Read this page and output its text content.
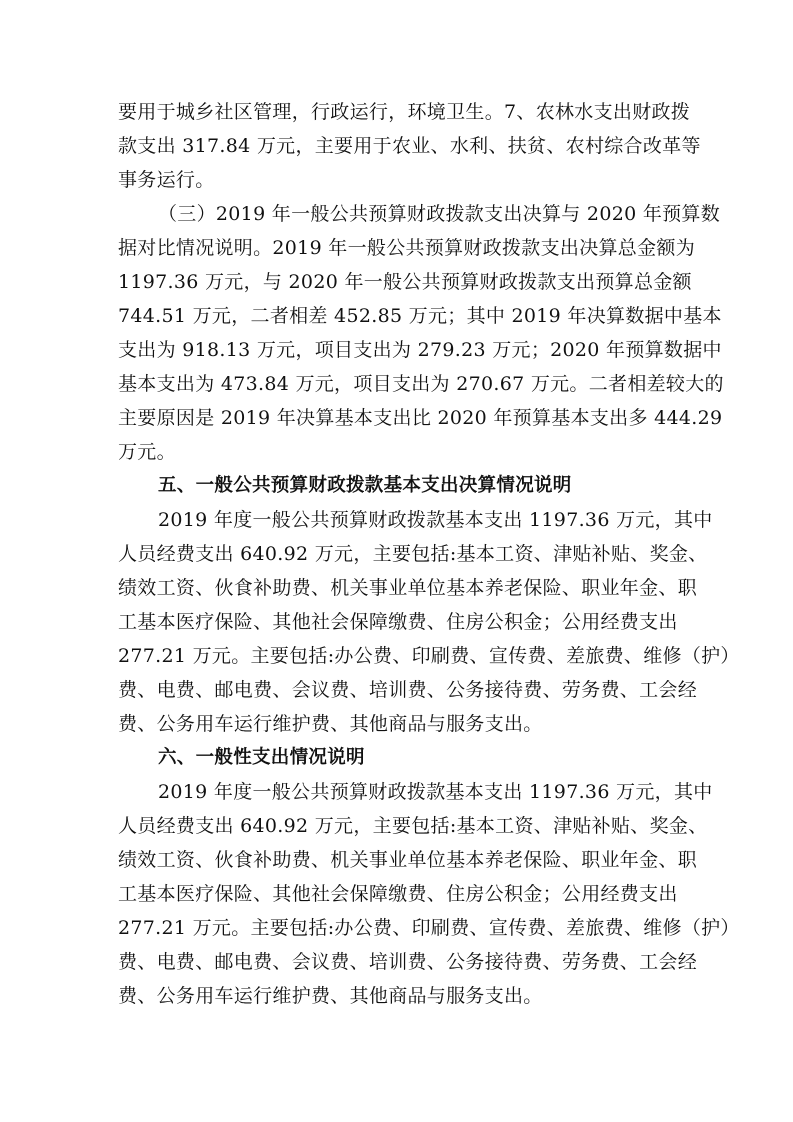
要用于城乡社区管理，行政运行，环境卫生。7、农林水支出财政拨
款支出 317.84 万元，主要用于农业、水利、扶贫、农村综合改革等
事务运行。
（三）2019 年一般公共预算财政拨款支出决算与 2020 年预算数
据对比情况说明。2019 年一般公共预算财政拨款支出决算总金额为
1197.36 万元，与 2020 年一般公共预算财政拨款支出预算总金额
744.51 万元，二者相差 452.85 万元；其中 2019 年决算数据中基本
支出为 918.13 万元，项目支出为 279.23 万元；2020 年预算数据中
基本支出为 473.84 万元，项目支出为 270.67 万元。二者相差较大的
主要原因是 2019 年决算基本支出比 2020 年预算基本支出多 444.29
万元。
五、一般公共预算财政拨款基本支出决算情况说明
2019 年度一般公共预算财政拨款基本支出 1197.36 万元，其中
人员经费支出 640.92 万元，主要包括:基本工资、津贴补贴、奖金、
绩效工资、伙食补助费、机关事业单位基本养老保险、职业年金、职
工基本医疗保险、其他社会保障缴费、住房公积金；公用经费支出
277.21 万元。主要包括:办公费、印刷费、宣传费、差旅费、维修（护）
费、电费、邮电费、会议费、培训费、公务接待费、劳务费、工会经
费、公务用车运行维护费、其他商品与服务支出。
六、一般性支出情况说明
2019 年度一般公共预算财政拨款基本支出 1197.36 万元，其中
人员经费支出 640.92 万元，主要包括:基本工资、津贴补贴、奖金、
绩效工资、伙食补助费、机关事业单位基本养老保险、职业年金、职
工基本医疗保险、其他社会保障缴费、住房公积金；公用经费支出
277.21 万元。主要包括:办公费、印刷费、宣传费、差旅费、维修（护）
费、电费、邮电费、会议费、培训费、公务接待费、劳务费、工会经
费、公务用车运行维护费、其他商品与服务支出。
